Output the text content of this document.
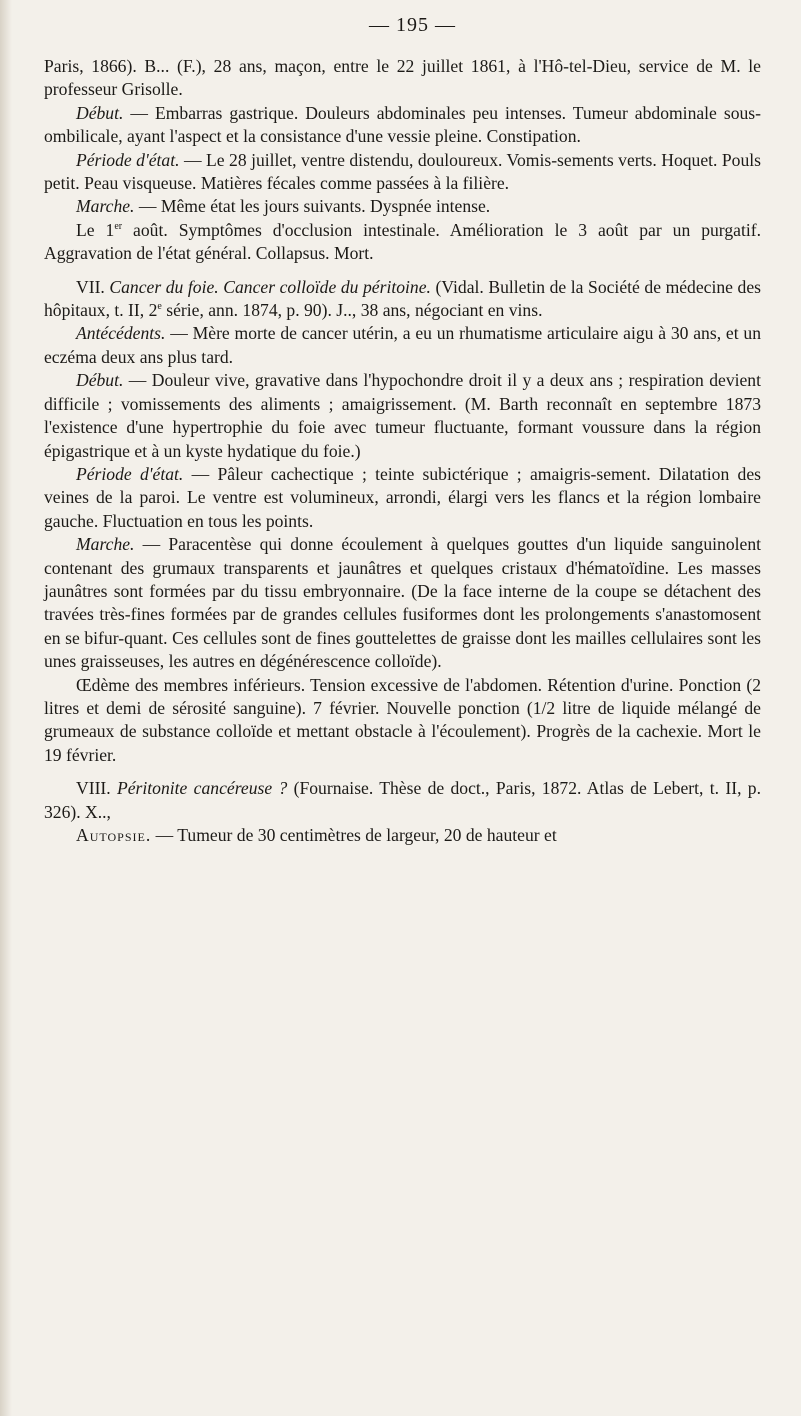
— 195 —

Paris, 1866). B... (F.), 28 ans, maçon, entre le 22 juillet 1861, à l'Hô-tel-Dieu, service de M. le professeur Grisolle.

Début. — Embarras gastrique. Douleurs abdominales peu intenses. Tumeur abdominale sous-ombilicale, ayant l'aspect et la consistance d'une vessie pleine. Constipation.

Période d'état. — Le 28 juillet, ventre distendu, douloureux. Vomis-sements verts. Hoquet. Pouls petit. Peau visqueuse. Matières fécales comme passées à la filière.

Marche. — Même état les jours suivants. Dyspnée intense.

Le 1er août. Symptômes d'occlusion intestinale. Amélioration le 3 août par un purgatif. Aggravation de l'état général. Collapsus. Mort.

VII. Cancer du foie. Cancer colloïde du péritoine. (Vidal. Bulletin de la Société de médecine des hôpitaux, t. II, 2e série, ann. 1874, p. 90). J.., 38 ans, négociant en vins.

Antécédents. — Mère morte de cancer utérin, a eu un rhumatisme articulaire aigu à 30 ans, et un eczéma deux ans plus tard.

Début. — Douleur vive, gravative dans l'hypochondre droit il y a deux ans ; respiration devient difficile ; vomissements des aliments ; amaigrissement. (M. Barth reconnaît en septembre 1873 l'existence d'une hypertrophie du foie avec tumeur fluctuante, formant voussure dans la région épigastrique et à un kyste hydatique du foie.)

Période d'état. — Pâleur cachectique ; teinte subictérique ; amaigris-sement. Dilatation des veines de la paroi. Le ventre est volumineux, arrondi, élargi vers les flancs et la région lombaire gauche. Fluctuation en tous les points.

Marche. — Paracentèse qui donne écoulement à quelques gouttes d'un liquide sanguinolent contenant des grumaux transparents et jaunâtres et quelques cristaux d'hématoïdine. Les masses jaunâtres sont formées par du tissu embryonnaire. (De la face interne de la coupe se détachent des travées très-fines formées par de grandes cellules fusiformes dont les prolongements s'anastomosent en se bifur-quant. Ces cellules sont de fines gouttelettes de graisse dont les mailles cellulaires sont les unes graisseuses, les autres en dégénérescence colloïde).

Œdème des membres inférieurs. Tension excessive de l'abdomen. Rétention d'urine. Ponction (2 litres et demi de sérosité sanguine). 7 février. Nouvelle ponction (1/2 litre de liquide mélangé de grumeaux de substance colloïde et mettant obstacle à l'écoulement). Progrès de la cachexie. Mort le 19 février.

VIII. Péritonite cancéreuse ? (Fournaise. Thèse de doct., Paris, 1872. Atlas de Lebert, t. II, p. 326). X..,

Autopsie. — Tumeur de 30 centimètres de largeur, 20 de hauteur et
